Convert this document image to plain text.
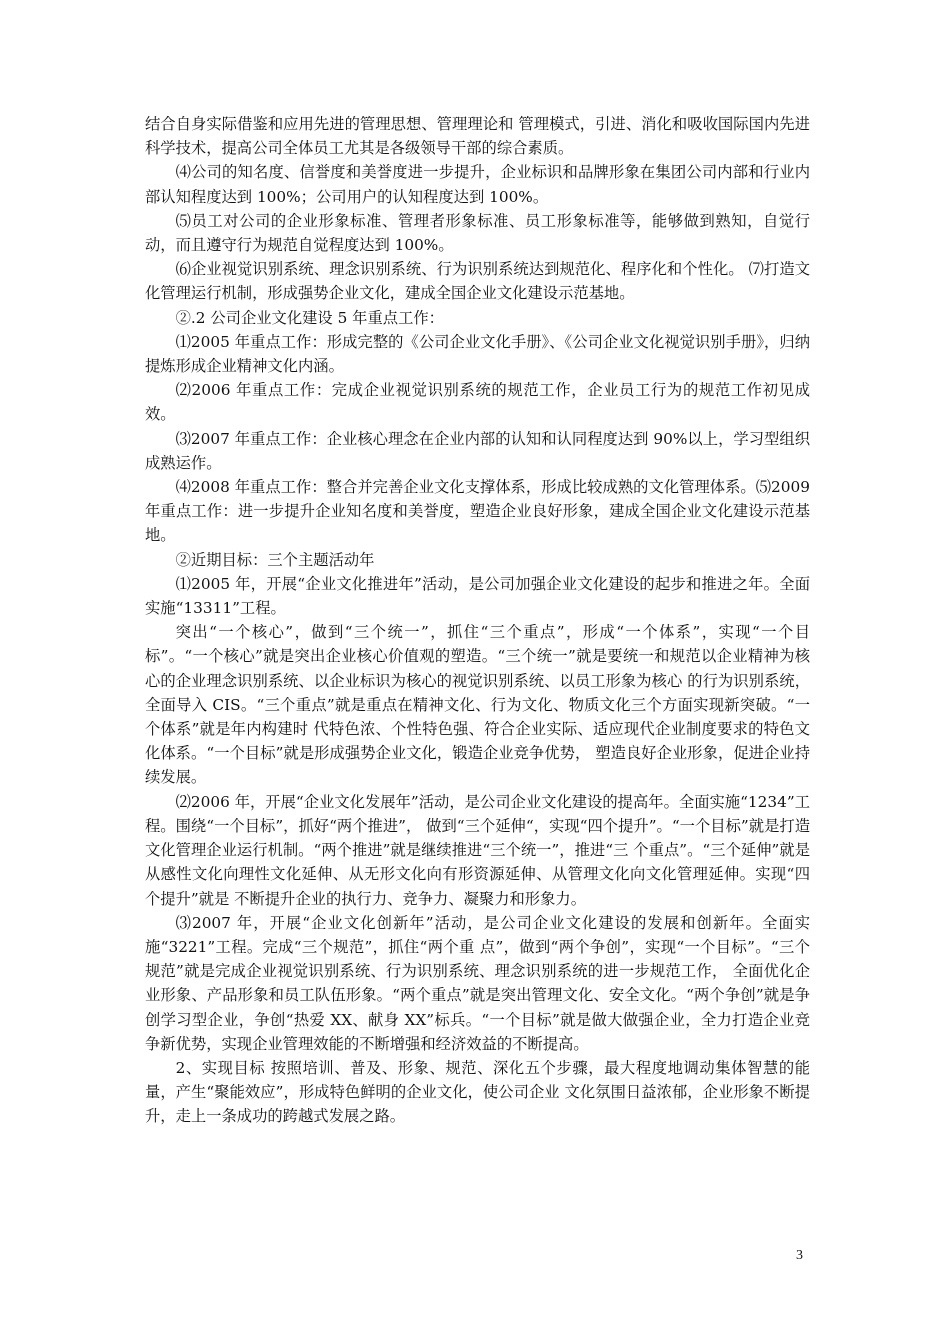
结合自身实际借鉴和应用先进的管理思想、管理理论和 管理模式，引进、消化和吸收国际国内先进科学技术，提高公司全体员工尤其是各级领导干部的综合素质。

⑷公司的知名度、信誉度和美誉度进一步提升，企业标识和品牌形象在集团公司内部和行业内部认知程度达到 100%；公司用户的认知程度达到 100%。

⑸员工对公司的企业形象标准、管理者形象标准、员工形象标准等，能够做到熟知，自觉行动，而且遵守行为规范自觉程度达到 100%。

⑹企业视觉识别系统、理念识别系统、行为识别系统达到规范化、程序化和个性化。 ⑺打造文化管理运行机制，形成强势企业文化，建成全国企业文化建设示范基地。

②.2 公司企业文化建设 5 年重点工作：

⑴2005 年重点工作：形成完整的《公司企业文化手册》、《公司企业文化视觉识别手册》，归纳提炼形成企业精神文化内涵。

⑵2006 年重点工作：完成企业视觉识别系统的规范工作，企业员工行为的规范工作初见成效。

⑶2007 年重点工作：企业核心理念在企业内部的认知和认同程度达到 90%以上，学习型组织成熟运作。

⑷2008 年重点工作：整合并完善企业文化支撑体系，形成比较成熟的文化管理体系。⑸2009 年重点工作：进一步提升企业知名度和美誉度，塑造企业良好形象，建成全国企业文化建设示范基地。

②近期目标：三个主题活动年

⑴2005 年，开展“企业文化推进年”活动，是公司加强企业文化建设的起步和推进之年。全面实施“13311”工程。

突出“一个核心”，做到“三个统一”，抓住“三个重点”，形成“一个体系”，实现“一个目标”。“一个核心”就是突出企业核心价值观的塑造。“三个统一”就是要统一和规范以企业精神为核心的企业理念识别系统、以企业标识为核心的视觉识别系统、以员工形象为核心 的行为识别系统，全面导入 CIS。“三个重点”就是重点在精神文化、行为文化、物质文化三个方面实现新突破。“一个体系”就是年内构建时 代特色浓、个性特色强、符合企业实际、适应现代企业制度要求的特色文化体系。“一个目标”就是形成强势企业文化，锻造企业竞争优势， 塑造良好企业形象，促进企业持续发展。

⑵2006 年，开展“企业文化发展年”活动，是公司企业文化建设的提高年。全面实施“1234”工程。围绕“一个目标”，抓好“两个推进”， 做到“三个延伸“，实现“四个提升”。“一个目标”就是打造文化管理企业运行机制。“两个推进”就是继续推进“三个统一”，推进“三 个重点”。“三个延伸”就是从感性文化向理性文化延伸、从无形文化向有形资源延伸、从管理文化向文化管理延伸。实现“四个提升”就是 不断提升企业的执行力、竞争力、凝聚力和形象力。

⑶2007 年，开展“企业文化创新年”活动，是公司企业文化建设的发展和创新年。全面实施“3221”工程。完成“三个规范”，抓住“两个重 点”，做到“两个争创”，实现“一个目标”。“三个规范”就是完成企业视觉识别系统、行为识别系统、理念识别系统的进一步规范工作， 全面优化企业形象、产品形象和员工队伍形象。“两个重点”就是突出管理文化、安全文化。“两个争创”就是争创学习型企业，争创“热爱 XX、献身 XX”标兵。“一个目标”就是做大做强企业，全力打造企业竞争新优势，实现企业管理效能的不断增强和经济效益的不断提高。

2、实现目标 按照培训、普及、形象、规范、深化五个步骤，最大程度地调动集体智慧的能量，产生“聚能效应”，形成特色鲜明的企业文化，使公司企业 文化氛围日益浓郁，企业形象不断提升，走上一条成功的跨越式发展之路。

3
